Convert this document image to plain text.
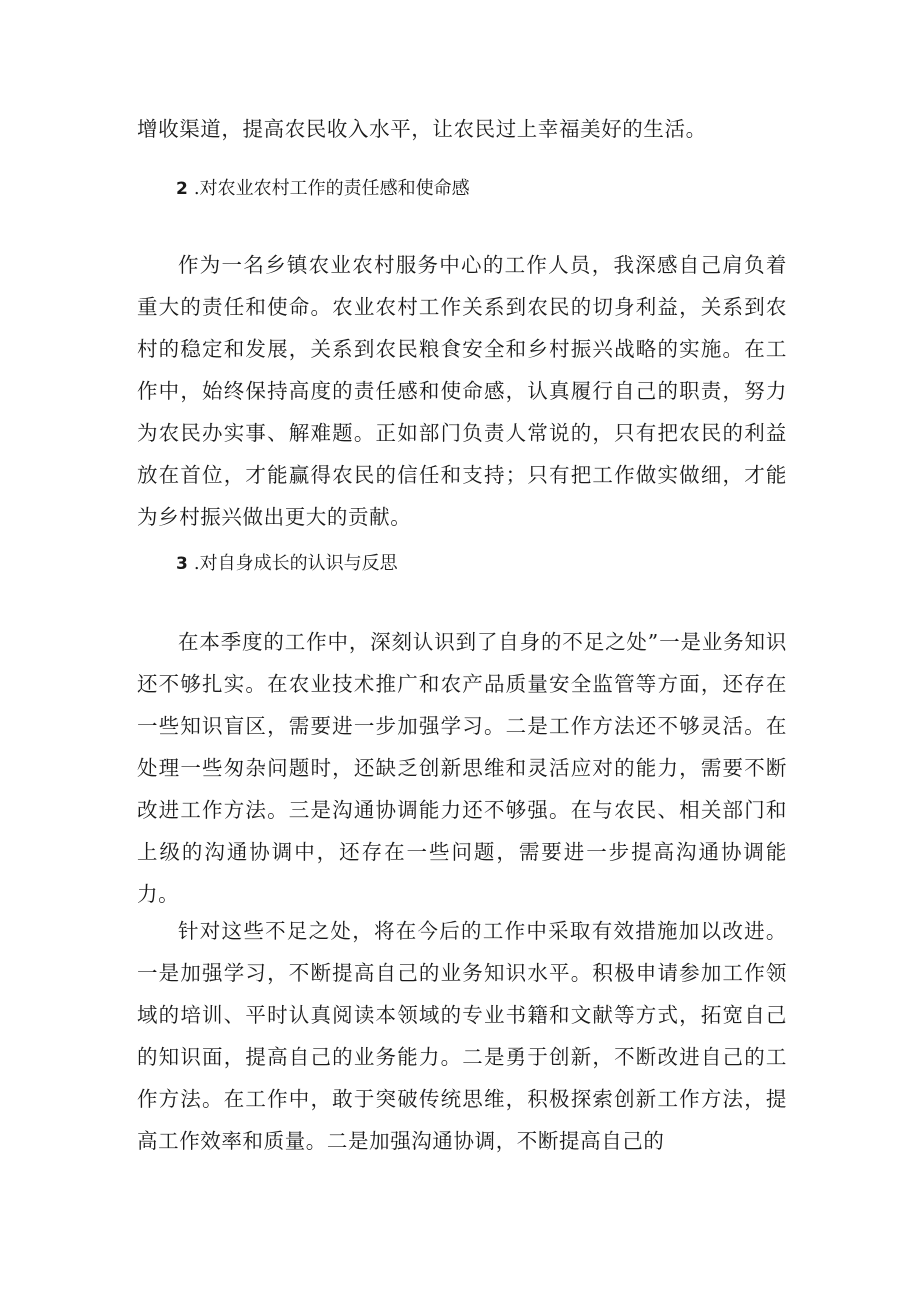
增收渠道，提高农民收入水平，让农民过上幸福美好的生活。

2 .对农业农村工作的责任感和使命感

作为一名乡镇农业农村服务中心的工作人员，我深感自己肩负着重大的责任和使命。农业农村工作关系到农民的切身利益，关系到农村的稳定和发展，关系到农民粮食安全和乡村振兴战略的实施。在工作中，始终保持高度的责任感和使命感，认真履行自己的职责，努力为农民办实事、解难题。正如部门负责人常说的，只有把农民的利益放在首位，才能赢得农民的信任和支持；只有把工作做实做细，才能为乡村振兴做出更大的贡献。

3 .对自身成长的认识与反思

在本季度的工作中，深刻认识到了自身的不足之处”一是业务知识还不够扎实。在农业技术推广和农产品质量安全监管等方面，还存在一些知识盲区，需要进一步加强学习。二是工作方法还不够灵活。在处理一些匆杂问题时，还缺乏创新思维和灵活应对的能力，需要不断改进工作方法。三是沟通协调能力还不够强。在与农民、相关部门和上级的沟通协调中，还存在一些问题，需要进一步提高沟通协调能力。

针对这些不足之处，将在今后的工作中采取有效措施加以改进。一是加强学习，不断提高自己的业务知识水平。积极申请参加工作领域的培训、平时认真阅读本领域的专业书籍和文献等方式，拓宽自己的知识面，提高自己的业务能力。二是勇于创新，不断改进自己的工作方法。在工作中，敢于突破传统思维，积极探索创新工作方法，提高工作效率和质量。二是加强沟通协调，不断提高自己的
